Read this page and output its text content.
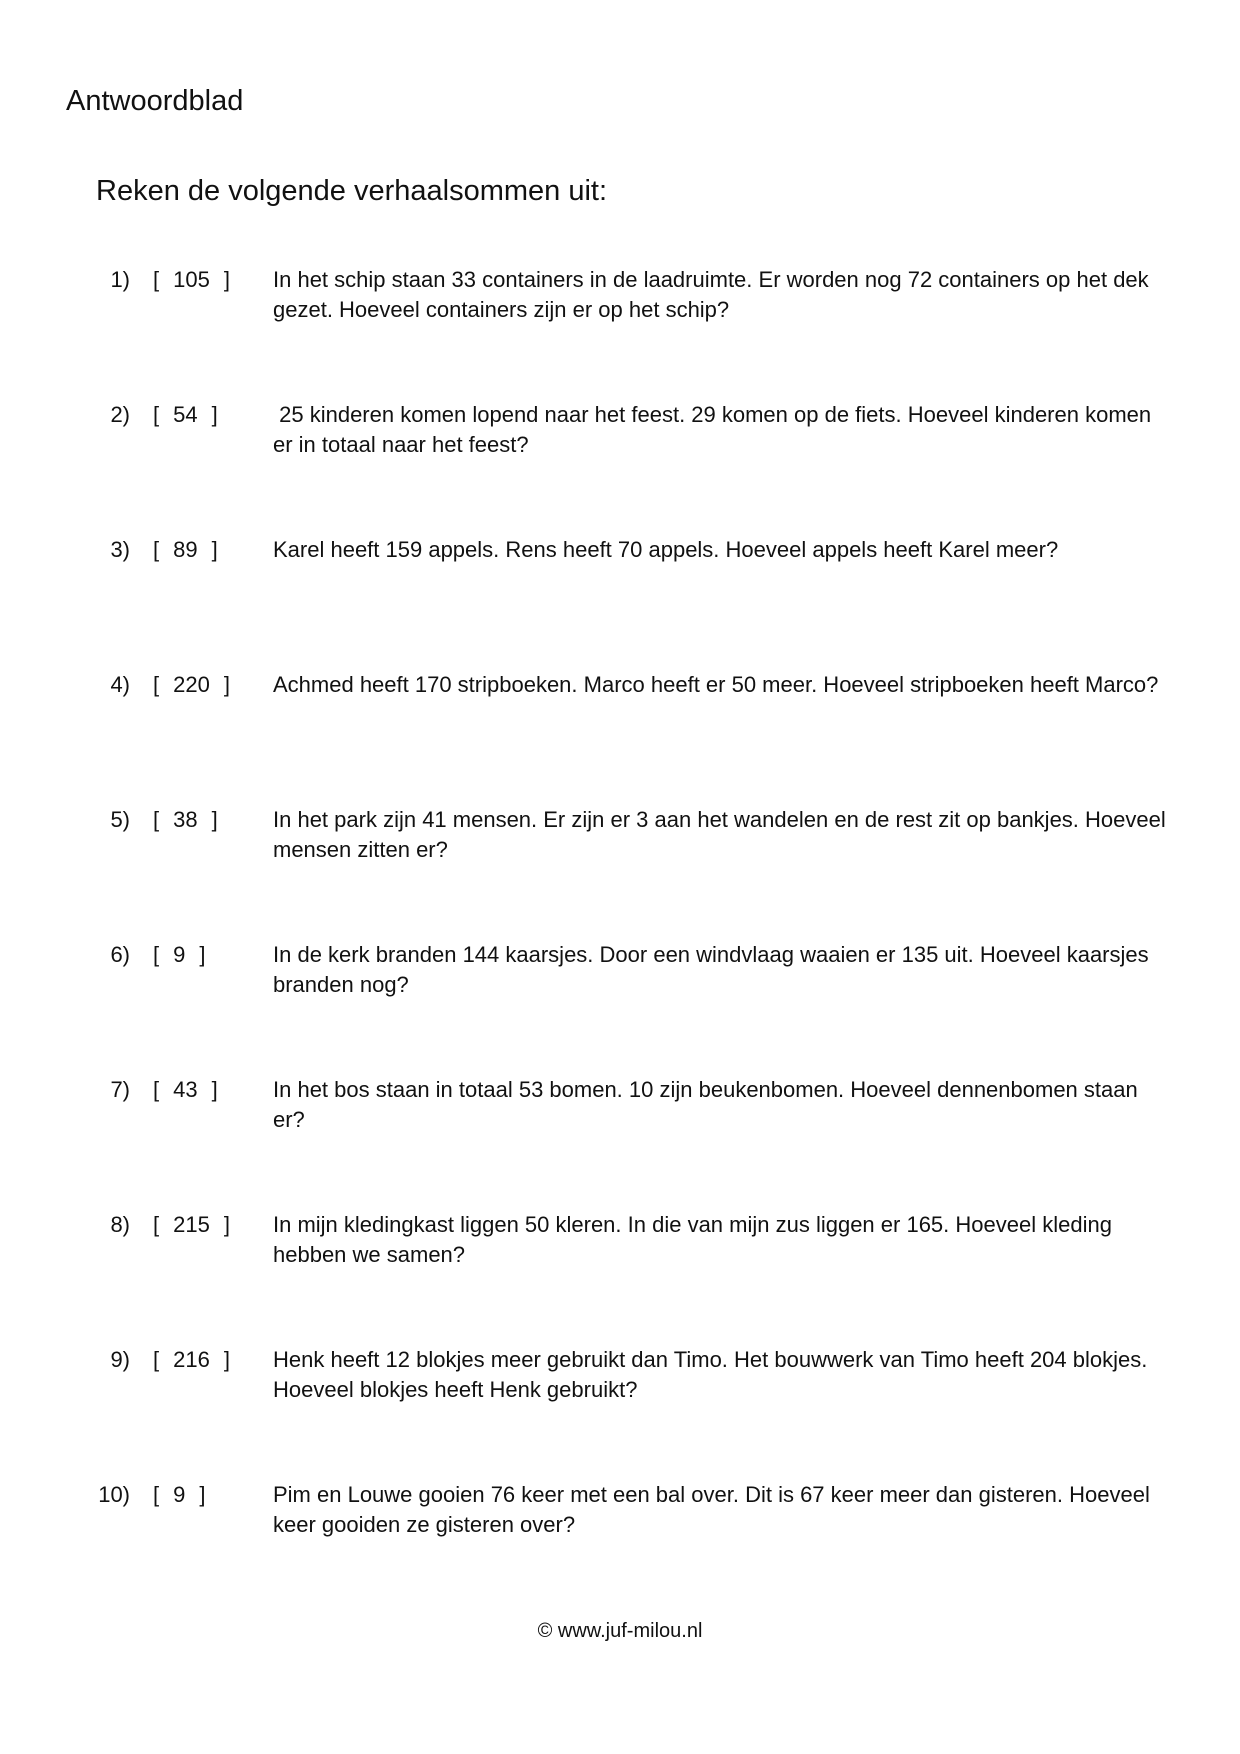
Antwoordblad
Reken de volgende verhaalsommen uit:
1) [ 105 ] In het schip staan 33 containers in de laadruimte. Er worden nog 72 containers op het dek gezet. Hoeveel containers zijn er op het schip?
2) [ 54 ]	25 kinderen komen lopend naar het feest. 29 komen op de fiets. Hoeveel kinderen komen er in totaal naar het feest?
3) [ 89 ]	Karel heeft 159 appels. Rens heeft 70 appels. Hoeveel appels heeft Karel meer?
4) [ 220 ] Achmed heeft 170 stripboeken. Marco heeft er 50 meer. Hoeveel stripboeken heeft Marco?
5) [ 38 ]	In het park zijn 41 mensen. Er zijn er 3 aan het wandelen en de rest zit op bankjes. Hoeveel mensen zitten er?
6) [ 9 ]	In de kerk branden 144 kaarsjes. Door een windvlaag waaien er 135 uit. Hoeveel kaarsjes branden nog?
7) [ 43 ]	In het bos staan in totaal 53 bomen. 10 zijn beukenbomen. Hoeveel dennenbomen staan er?
8) [ 215 ] In mijn kledingkast liggen 50 kleren. In die van mijn zus liggen er 165. Hoeveel kleding hebben we samen?
9) [ 216 ] Henk heeft 12 blokjes meer gebruikt dan Timo. Het bouwwerk van Timo heeft 204 blokjes. Hoeveel blokjes heeft Henk gebruikt?
10) [ 9 ]	Pim en Louwe gooien 76 keer met een bal over. Dit is 67 keer meer dan gisteren. Hoeveel keer gooiden ze gisteren over?
© www.juf-milou.nl
